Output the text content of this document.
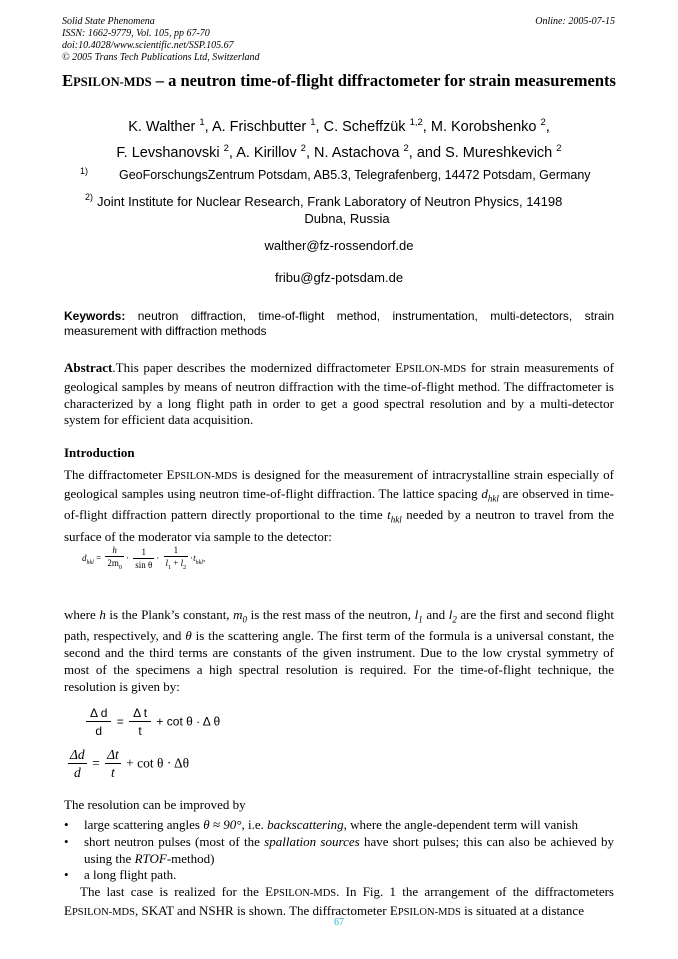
Solid State Phenomena
ISSN: 1662-9779, Vol. 105, pp 67-70
doi:10.4028/www.scientific.net/SSP.105.67
© 2005 Trans Tech Publications Ltd, Switzerland
Online: 2005-07-15
EPSILON-MDS – a neutron time-of-flight diffractometer for strain measurements
K. Walther $^1$, A. Frischbutter $^1$, C. Scheffzük $^{1,2}$, M. Korobshenko $^2$,
F. Levshanovski $^2$, A. Kirillov $^2$, N. Astachova $^2$, and S. Mureshkevich $^2$
1) GeoForschungsZentrum Potsdam, AB5.3, Telegrafenberg, 14472 Potsdam, Germany
2) Joint Institute for Nuclear Research, Frank Laboratory of Neutron Physics, 14198
Dubna, Russia
walther@fz-rossendorf.de
fribu@gfz-potsdam.de
Keywords: neutron diffraction, time-of-flight method, instrumentation, multi-detectors, strain measurement with diffraction methods
Abstract.This paper describes the modernized diffractometer EPSILON-MDS for strain measurements of geological samples by means of neutron diffraction with the time-of-flight method. The diffractometer is characterized by a long flight path in order to get a good spectral resolution and by a multi-detector system for efficient data acquisition.
Introduction
The diffractometer EPSILON-MDS is designed for the measurement of intracrystalline strain especially of geological samples using neutron time-of-flight diffraction. The lattice spacing $d_{hkl}$ are observed in time-of-flight diffraction pattern directly proportional to the time $t_{hkl}$ needed by a neutron to travel from the surface of the moderator via sample to the detector:
$d_{hkl} = \frac{h}{2m_0} \cdot \frac{1}{\text{sin θ}} \cdot \frac{1}{l_1 + l_2} \cdot t_{hkl}$,
where h is the Plank’s constant, $m_0$ is the rest mass of the neutron, $l_1$ and $l_2$ are the first and second flight path, respectively, and θ is the scattering angle. The first term of the formula is a universal constant, the second and the third terms are constants of the given instrument. Due to the low crystal symmetry of most of the specimens a high spectral resolution is required. For the time-of-flight technique, the resolution is given by:
$\frac{\text{Δ d}}{d} = \frac{\text{Δ t}}{t} + \cot \theta \cdot \Delta$ θ
$\frac{\Delta d}{d} = \frac{\Delta t}{t} + \cot \theta \cdot \Delta\theta$
The resolution can be improved by
• large scattering angles θ ≈ 90°, i.e. backscattering, where the angle-dependent term will vanish
• short neutron pulses (most of the spallation sources have short pulses; this can also be achieved by using the RTOF-method)
• a long flight path.
The last case is realized for the EPSILON-MDS. In Fig. 1 the arrangement of the diffractometers EPSILON-MDS, SKAT and NSHR is shown. The diffractometer EPSILON-MDS is situated at a distance
67
